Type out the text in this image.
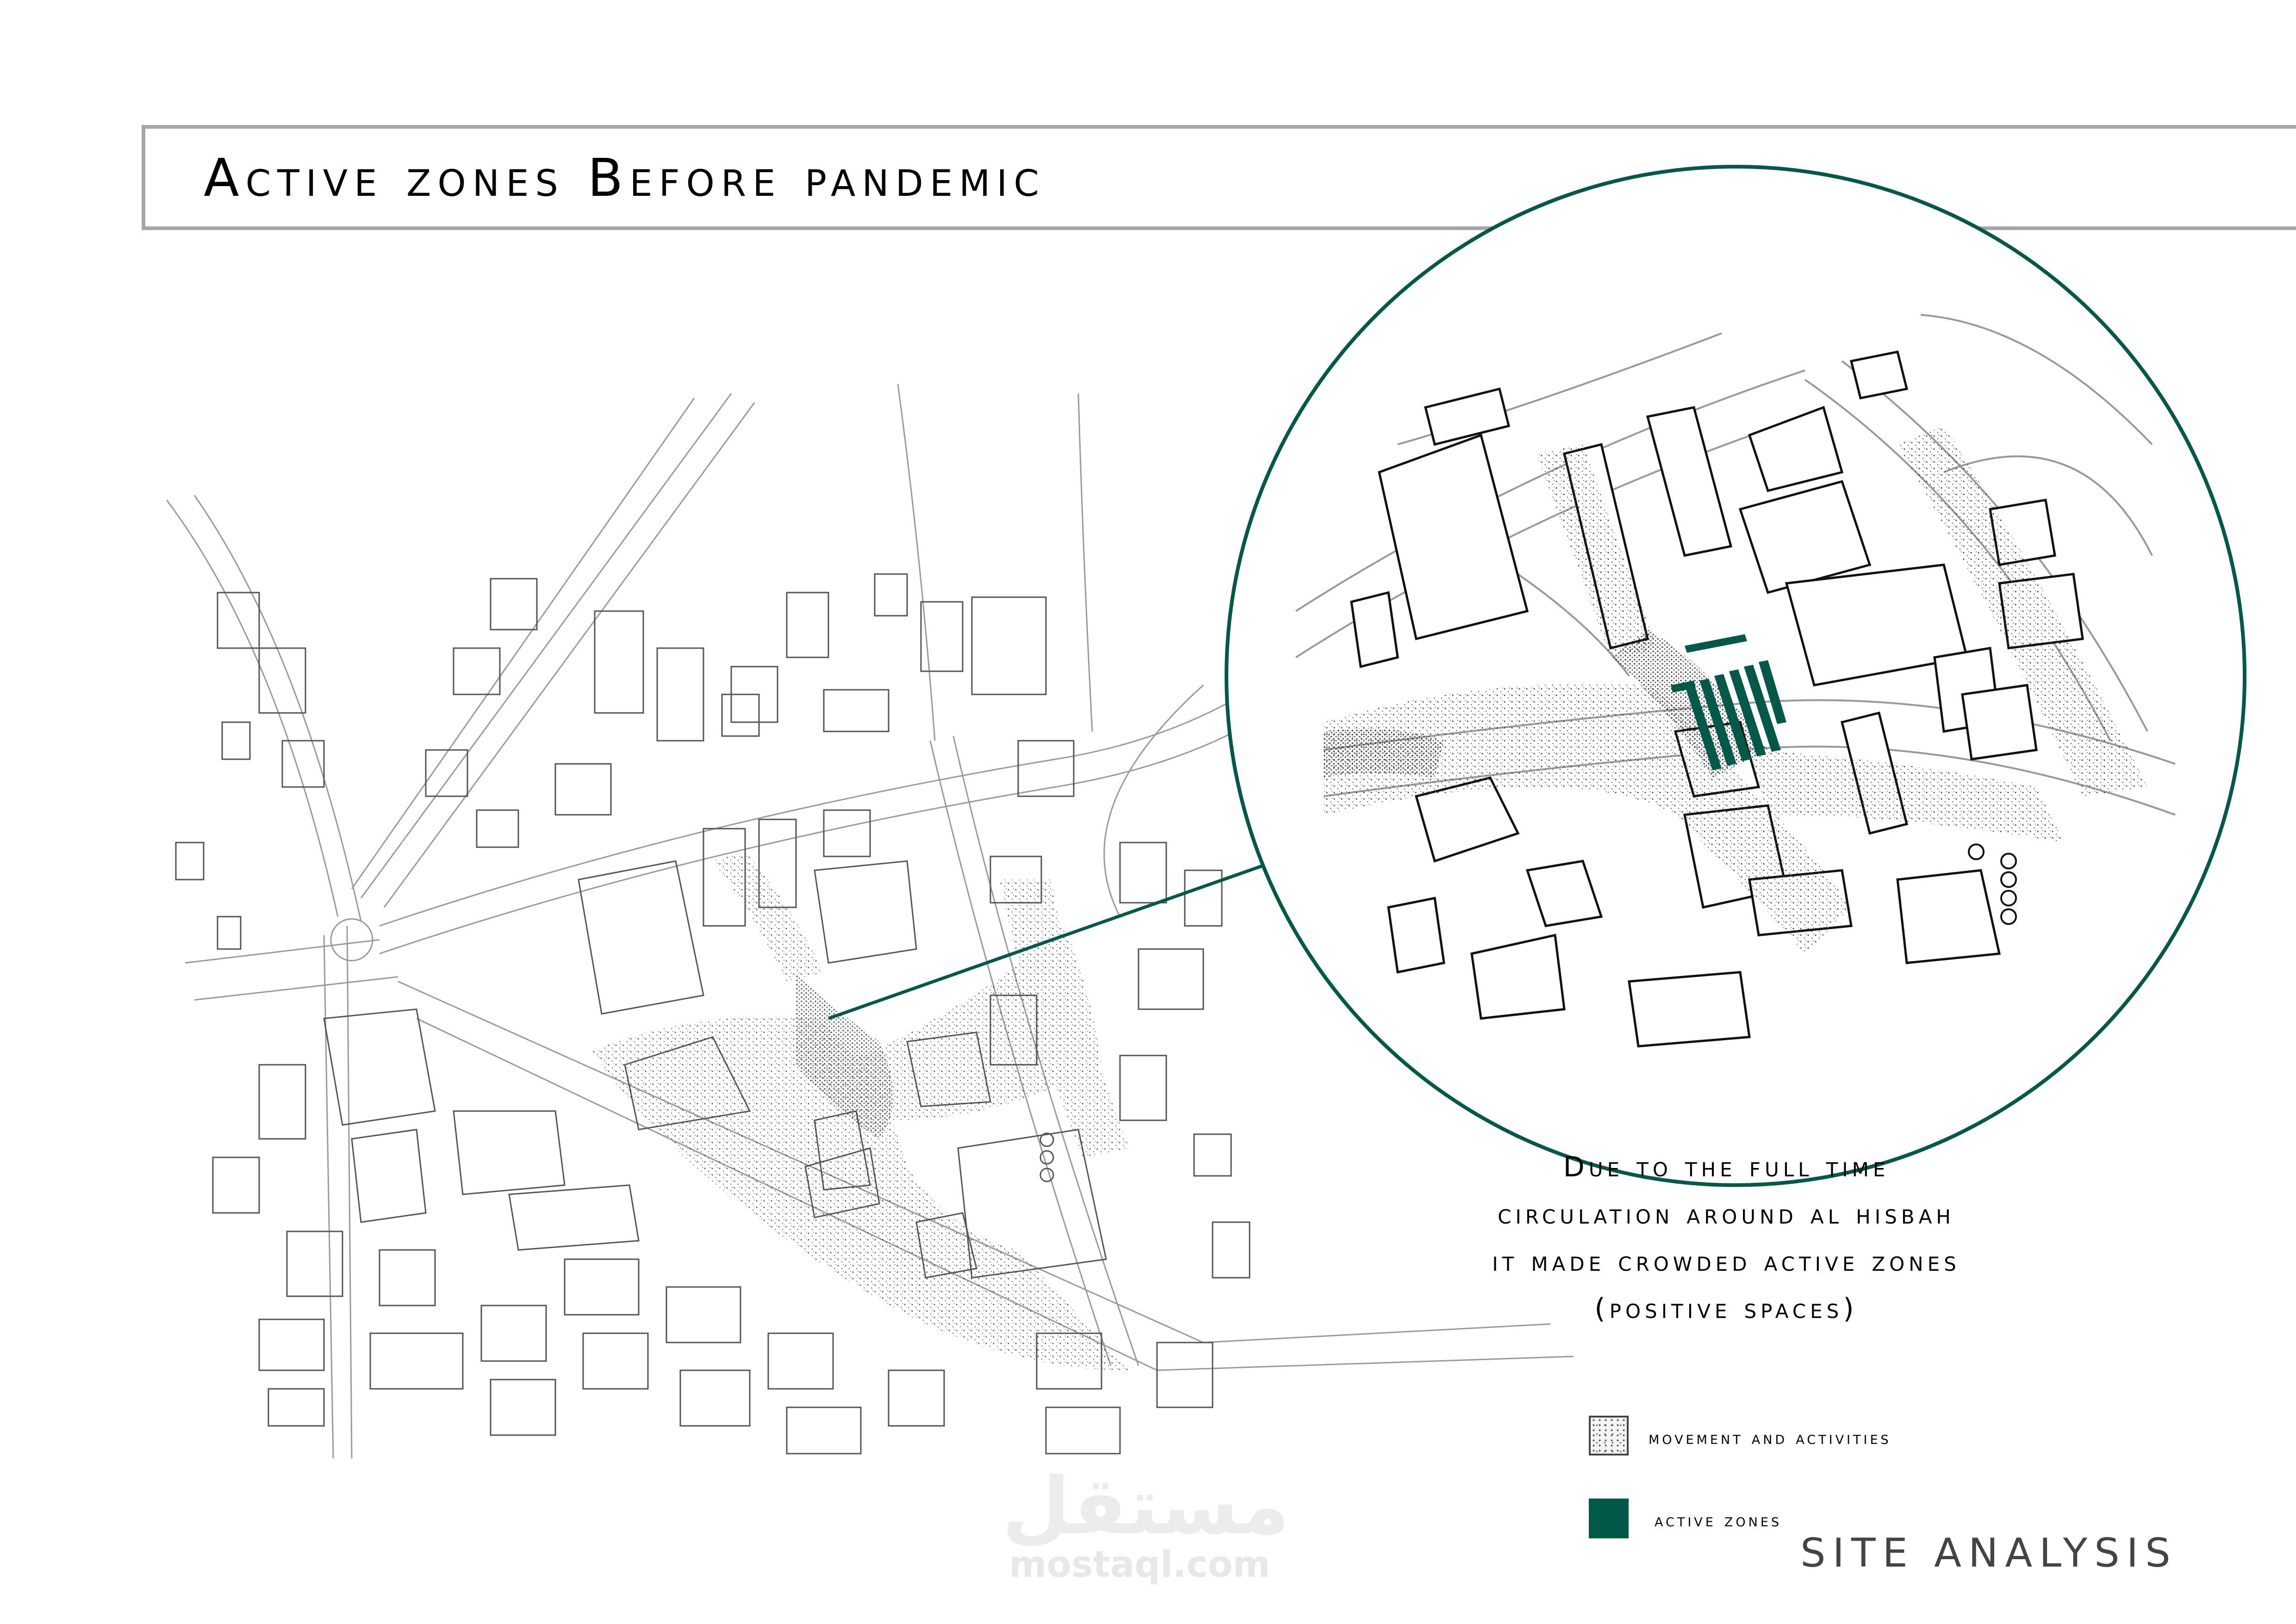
Active zones Before pandemic
Due to the full time
circulation around al hisbah
it made crowded active zones
(positive spaces)
movement and activities
active zones
مستقل
mostaql.com	SITE ANALYSIS
